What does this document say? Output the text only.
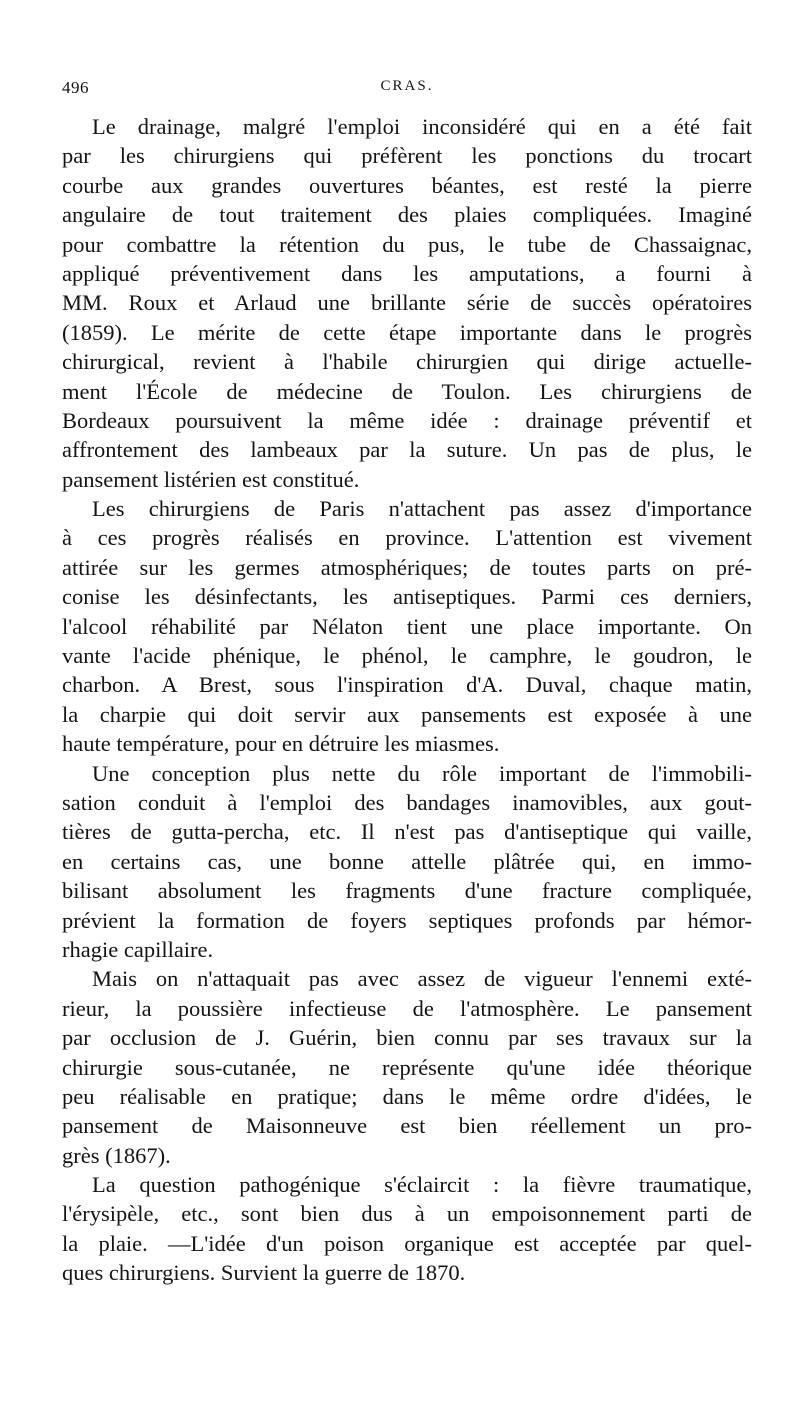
496	CRAS.
Le drainage, malgré l'emploi inconsidéré qui en a été fait
par les chirurgiens qui préfèrent les ponctions du trocart
courbe aux grandes ouvertures béantes, est resté la pierre
angulaire de tout traitement des plaies compliquées. Imaginé
pour combattre la rétention du pus, le tube de Chassaignac,
appliqué préventivement dans les amputations, a fourni à
MM. Roux et Arlaud une brillante série de succès opératoires
(1859). Le mérite de cette étape importante dans le progrès
chirurgical, revient à l'habile chirurgien qui dirige actuelle-
ment l'École de médecine de Toulon. Les chirurgiens de
Bordeaux poursuivent la même idée : drainage préventif et
affrontement des lambeaux par la suture. Un pas de plus, le
pansement listérien est constitué.
Les chirurgiens de Paris n'attachent pas assez d'importance
à ces progrès réalisés en province. L'attention est vivement
attirée sur les germes atmosphériques; de toutes parts on pré-
conise les désinfectants, les antiseptiques. Parmi ces derniers,
l'alcool réhabilité par Nélaton tient une place importante. On
vante l'acide phénique, le phénol, le camphre, le goudron, le
charbon. A Brest, sous l'inspiration d'A. Duval, chaque matin,
la charpie qui doit servir aux pansements est exposée à une
haute température, pour en détruire les miasmes.
Une conception plus nette du rôle important de l'immobili-
sation conduit à l'emploi des bandages inamovibles, aux gout-
tières de gutta-percha, etc. Il n'est pas d'antiseptique qui vaille,
en certains cas, une bonne attelle plâtrée qui, en immo-
bilisant absolument les fragments d'une fracture compliquée,
prévient la formation de foyers septiques profonds par hémor-
rhagie capillaire.
Mais on n'attaquait pas avec assez de vigueur l'ennemi exté-
rieur, la poussière infectieuse de l'atmosphère. Le pansement
par occlusion de J. Guérin, bien connu par ses travaux sur la
chirurgie sous-cutanée, ne représente qu'une idée théorique
peu réalisable en pratique; dans le même ordre d'idées, le
pansement de Maisonneuve est bien réellement un pro-
grès (1867).
La question pathogénique s'éclaircit : la fièvre traumatique,
l'érysipèle, etc., sont bien dus à un empoisonnement parti de
la plaie. —L'idée d'un poison organique est acceptée par quel-
ques chirurgiens. Survient la guerre de 1870.
